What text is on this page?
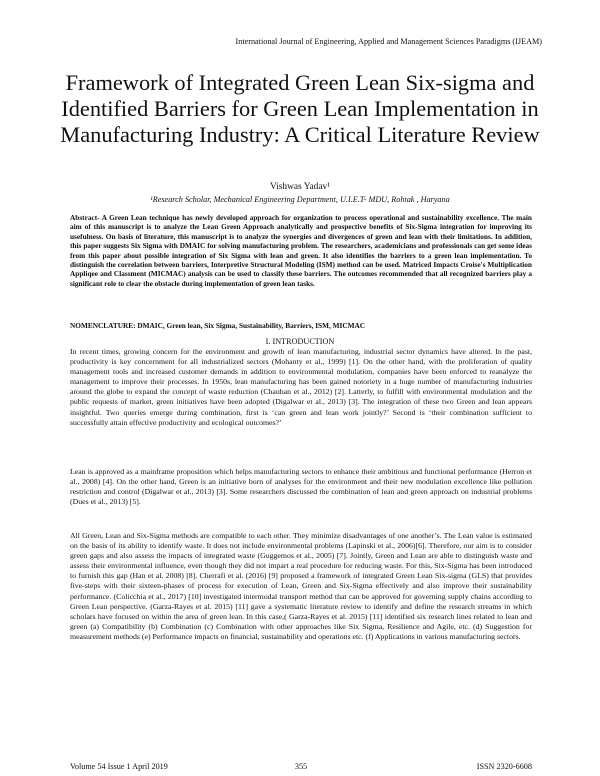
International Journal of Engineering, Applied and Management Sciences Paradigms (IJEAM)
Framework of Integrated Green Lean Six-sigma and Identified Barriers for Green Lean Implementation in Manufacturing Industry: A Critical Literature Review
Vishwas Yadav¹
¹Research Scholar, Mechanical Engineering Department, U.I.E.T- MDU, Rohtak , Haryana

Abstract- A Green Lean technique has newly developed approach for organization to process operational and sustainability excellence. The main aim of this manuscript is to analyze the Lean Green Approach analytically and prospective benefits of Six-Sigma integration for improving its usefulness. On basis of literature, this manuscript is to analyze the synergies and divergences of green and lean with their limitations. In addition, this paper suggests Six Sigma with DMAIC for solving manufacturing problem. The researchers, academicians and professionals can get some ideas from this paper about possible integration of Six Sigma with lean and green. It also identifies the barriers to a green lean implementation. To distinguish the correlation between barriers, Interpretive Structural Modeling (ISM) method can be used. Matriced Impacts Croise's Multiplication Appliqee and Classment (MICMAC) analysis can be used to classify these barriers. The outcomes recommended that all recognized barriers play a significant role to clear the obstacle during implementation of green lean tasks.

NOMENCLATURE: DMAIC, Green lean, Six Sigma, Sustainability, Barriers, ISM, MICMAC

I. INTRODUCTION

In recent times, growing concern for the environment and growth of lean manufacturing, industrial sector dynamics have altered. In the past, productivity is key concernment for all industrialized sectors (Mohanty et al., 1999) [1]. On the other hand, with the proliferation of quality management tools and increased customer demands in addition to environmental modulation, companies have been enforced to reanalyze the management to improve their processes. In 1950s, lean manufacturing has been gained notoriety in a huge number of manufacturing industries around the globe to expand the concept of waste reduction (Chauhan et al., 2012) [2]. Latterly, to fulfill with environmental modulation and the public requests of market, green initiatives have been adopted (Digalwar et al., 2013) [3]. The integration of these two Green and lean appears insightful. Two queries emerge during combination, first is ‘can green and lean work jointly?’ Second is ‘their combination sufficient to successfully attain effective productivity and ecological outcomes?’

Lean is approved as a mainframe proposition which helps manufacturing sectors to enhance their ambitious and functional performance (Herron et al., 2008) [4]. On the other hand, Green is an initiative born of analyses for the environment and their new modulation excellence like pollution restriction and control (Digalwar et al., 2013) [3]. Some researchers discussed the combination of lean and green approach on industrial problems (Dues et al., 2013) [5].

All Green, Lean and Six-Sigma methods are compatible to each other. They minimize disadvantages of one another’s. The Lean value is estimated on the basis of its ability to identify waste. It does not include environmental problems (Lapinski et al., 2006)[6]. Therefore, our aim is to consider green gaps and also assess the impacts of integrated waste (Guggemos et al., 2005) [7]. Jointly, Green and Lean are able to distinguish waste and assess their environmental influence, even though they did not impart a real procedure for reducing waste. For this, Six-Sigma has been introduced to furnish this gap (Han et al. 2008) [8]. Cherrafi et al. (2016) [9] proposed a framework of integrated Green Lean Six-sigma (GLS) that provides five-steps with their sixteen-phases of process for execution of Lean, Green and Six-Sigma effectively and also improve their sustainability performance. (Colicchia et al., 2017) [10] investigated intermodal transport method that can be approved for governing supply chains according to Green Lean perspective. (Garza-Rayes et al. 2015) [11] gave a systematic literature review to identify and define the research streams in which scholars have focused on within the area of green lean. In this case,( Garza-Rayes et al. 2015) [11] identified six research lines related to lean and green (a) Compatibility (b) Combination (c) Combination with other approaches like Six Sigma, Resilience and Agile, etc. (d) Suggestion for measurement methods (e) Performance impacts on financial, sustainability and operations etc. (f) Applications in various manufacturing sectors.

Volume 54 Issue 1 April 2019	355	ISSN 2320-6608
